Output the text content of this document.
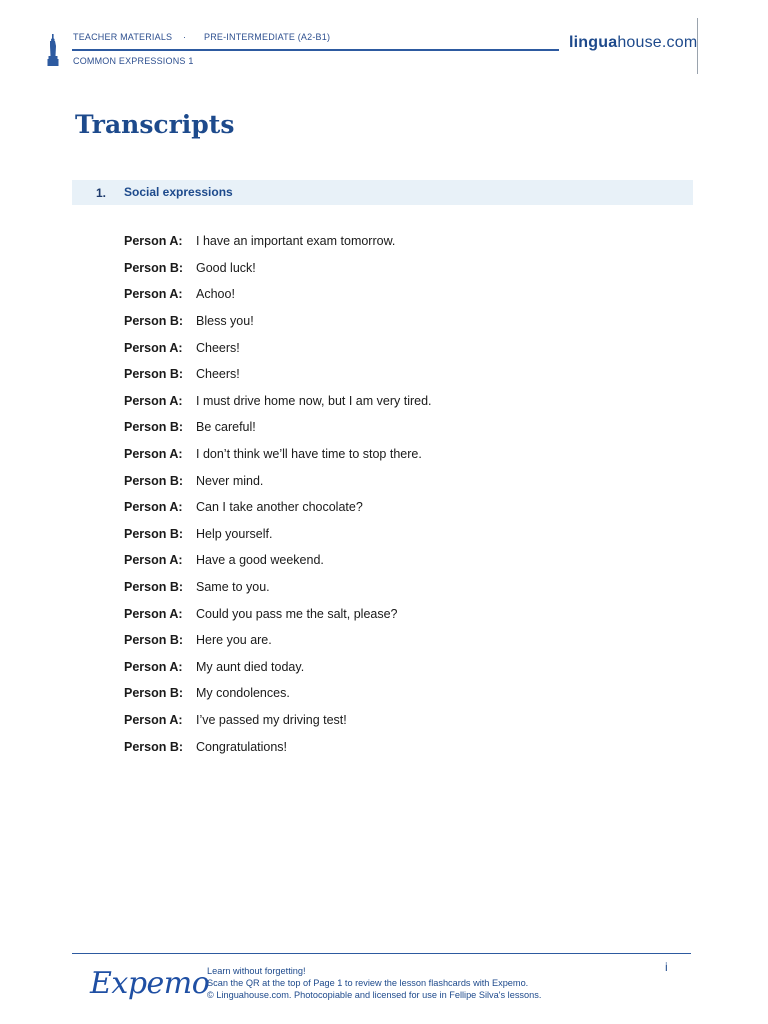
TEACHER MATERIALS · PRE-INTERMEDIATE (A2-B1)
COMMON EXPRESSIONS 1
linguahouse.com
Transcripts
1. Social expressions
Person A:	I have an important exam tomorrow.
Person B:	Good luck!
Person A:	Achoo!
Person B:	Bless you!
Person A:	Cheers!
Person B:	Cheers!
Person A:	I must drive home now, but I am very tired.
Person B:	Be careful!
Person A:	I don’t think we’ll have time to stop there.
Person B:	Never mind.
Person A:	Can I take another chocolate?
Person B:	Help yourself.
Person A:	Have a good weekend.
Person B:	Same to you.
Person A:	Could you pass me the salt, please?
Person B:	Here you are.
Person A:	My aunt died today.
Person B:	My condolences.
Person A:	I’ve passed my driving test!
Person B:	Congratulations!
Expemo
Learn without forgetting!
Scan the QR at the top of Page 1 to review the lesson flashcards with Expemo.
© Linguahouse.com. Photocopiable and licensed for use in Fellipe Silva's lessons.
i
